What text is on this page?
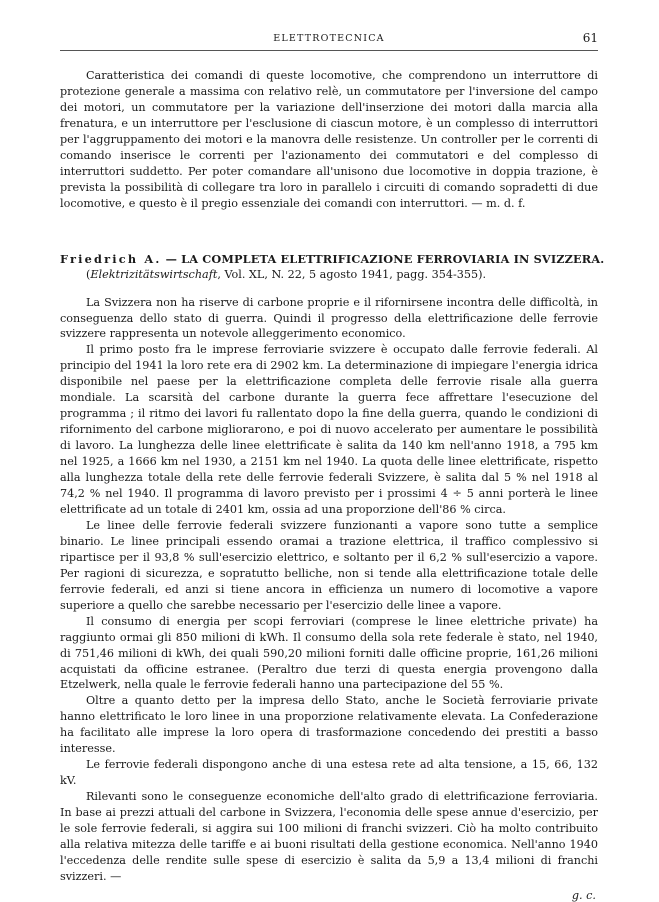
ELETTROTECNICA	61

Caratteristica dei comandi di queste locomotive, che comprendono un interruttore di protezione generale a massima con relativo relè, un commutatore per l'inversione del campo dei motori, un commutatore per la variazione dell'inserzione dei motori dalla marcia alla frenatura, e un interruttore per l'esclusione di ciascun motore, è un complesso di interruttori per l'aggruppamento dei motori e la manovra delle resistenze. Un controller per le correnti di comando inserisce le correnti per l'azionamento dei commutatori e del complesso di interruttori suddetto. Per poter comandare all'unisono due locomotive in doppia trazione, è prevista la possibilità di collegare tra loro in parallelo i circuiti di comando sopradetti di due locomotive, e questo è il pregio essenziale dei comandi con interruttori. — m. d. f.

Friedrich A. — LA COMPLETA ELETTRIFICAZIONE FERROVIARIA IN SVIZZERA.
(Elektrizitätswirtschaft, Vol. XL, N. 22, 5 agosto 1941, pagg. 354-355).

La Svizzera non ha riserve di carbone proprie e il rifornirsene incontra delle difficoltà, in conseguenza dello stato di guerra. Quindi il progresso della elettrificazione delle ferrovie svizzere rappresenta un notevole alleggerimento economico.

Il primo posto fra le imprese ferroviarie svizzere è occupato dalle ferrovie federali. Al principio del 1941 la loro rete era di 2902 km. La determinazione di impiegare l'energia idrica disponibile nel paese per la elettrificazione completa delle ferrovie risale alla guerra mondiale. La scarsità del carbone durante la guerra fece affrettare l'esecuzione del programma ; il ritmo dei lavori fu rallentato dopo la fine della guerra, quando le condizioni di rifornimento del carbone migliorarono, e poi di nuovo accelerato per aumentare le possibilità di lavoro. La lunghezza delle linee elettrificate è salita da 140 km nell'anno 1918, a 795 km nel 1925, a 1666 km nel 1930, a 2151 km nel 1940. La quota delle linee elettrificate, rispetto alla lunghezza totale della rete delle ferrovie federali Svizzere, è salita dal 5 % nel 1918 al 74,2 % nel 1940. Il programma di lavoro previsto per i prossimi 4 ÷ 5 anni porterà le linee elettrificate ad un totale di 2401 km, ossia ad una proporzione dell'86 % circa.

Le linee delle ferrovie federali svizzere funzionanti a vapore sono tutte a semplice binario. Le linee principali essendo oramai a trazione elettrica, il traffico complessivo si ripartisce per il 93,8 % sull'esercizio elettrico, e soltanto per il 6,2 % sull'esercizio a vapore. Per ragioni di sicurezza, e sopratutto belliche, non si tende alla elettrificazione totale delle ferrovie federali, ed anzi si tiene ancora in efficienza un numero di locomotive a vapore superiore a quello che sarebbe necessario per l'esercizio delle linee a vapore.

Il consumo di energia per scopi ferroviari (comprese le linee elettriche private) ha raggiunto ormai gli 850 milioni di kWh. Il consumo della sola rete federale è stato, nel 1940, di 751,46 milioni di kWh, dei quali 590,20 milioni forniti dalle officine proprie, 161,26 milioni acquistati da officine estranee. (Peraltro due terzi di questa energia provengono dalla Etzelwerk, nella quale le ferrovie federali hanno una partecipazione del 55 %.

Oltre a quanto detto per la impresa dello Stato, anche le Società ferroviarie private hanno elettrificato le loro linee in una proporzione relativamente elevata. La Confederazione ha facilitato alle imprese la loro opera di trasformazione concedendo dei prestiti a basso interesse.

Le ferrovie federali dispongono anche di una estesa rete ad alta tensione, a 15, 66, 132 kV.

Rilevanti sono le conseguenze economiche dell'alto grado di elettrificazione ferroviaria. In base ai prezzi attuali del carbone in Svizzera, l'economia delle spese annue d'esercizio, per le sole ferrovie federali, si aggira sui 100 milioni di franchi svizzeri. Ciò ha molto contribuito alla relativa mitezza delle tariffe e ai buoni risultati della gestione economica. Nell'anno 1940 l'eccedenza delle rendite sulle spese di esercizio è salita da 5,9 a 13,4 milioni di franchi svizzeri. —

g. c.
